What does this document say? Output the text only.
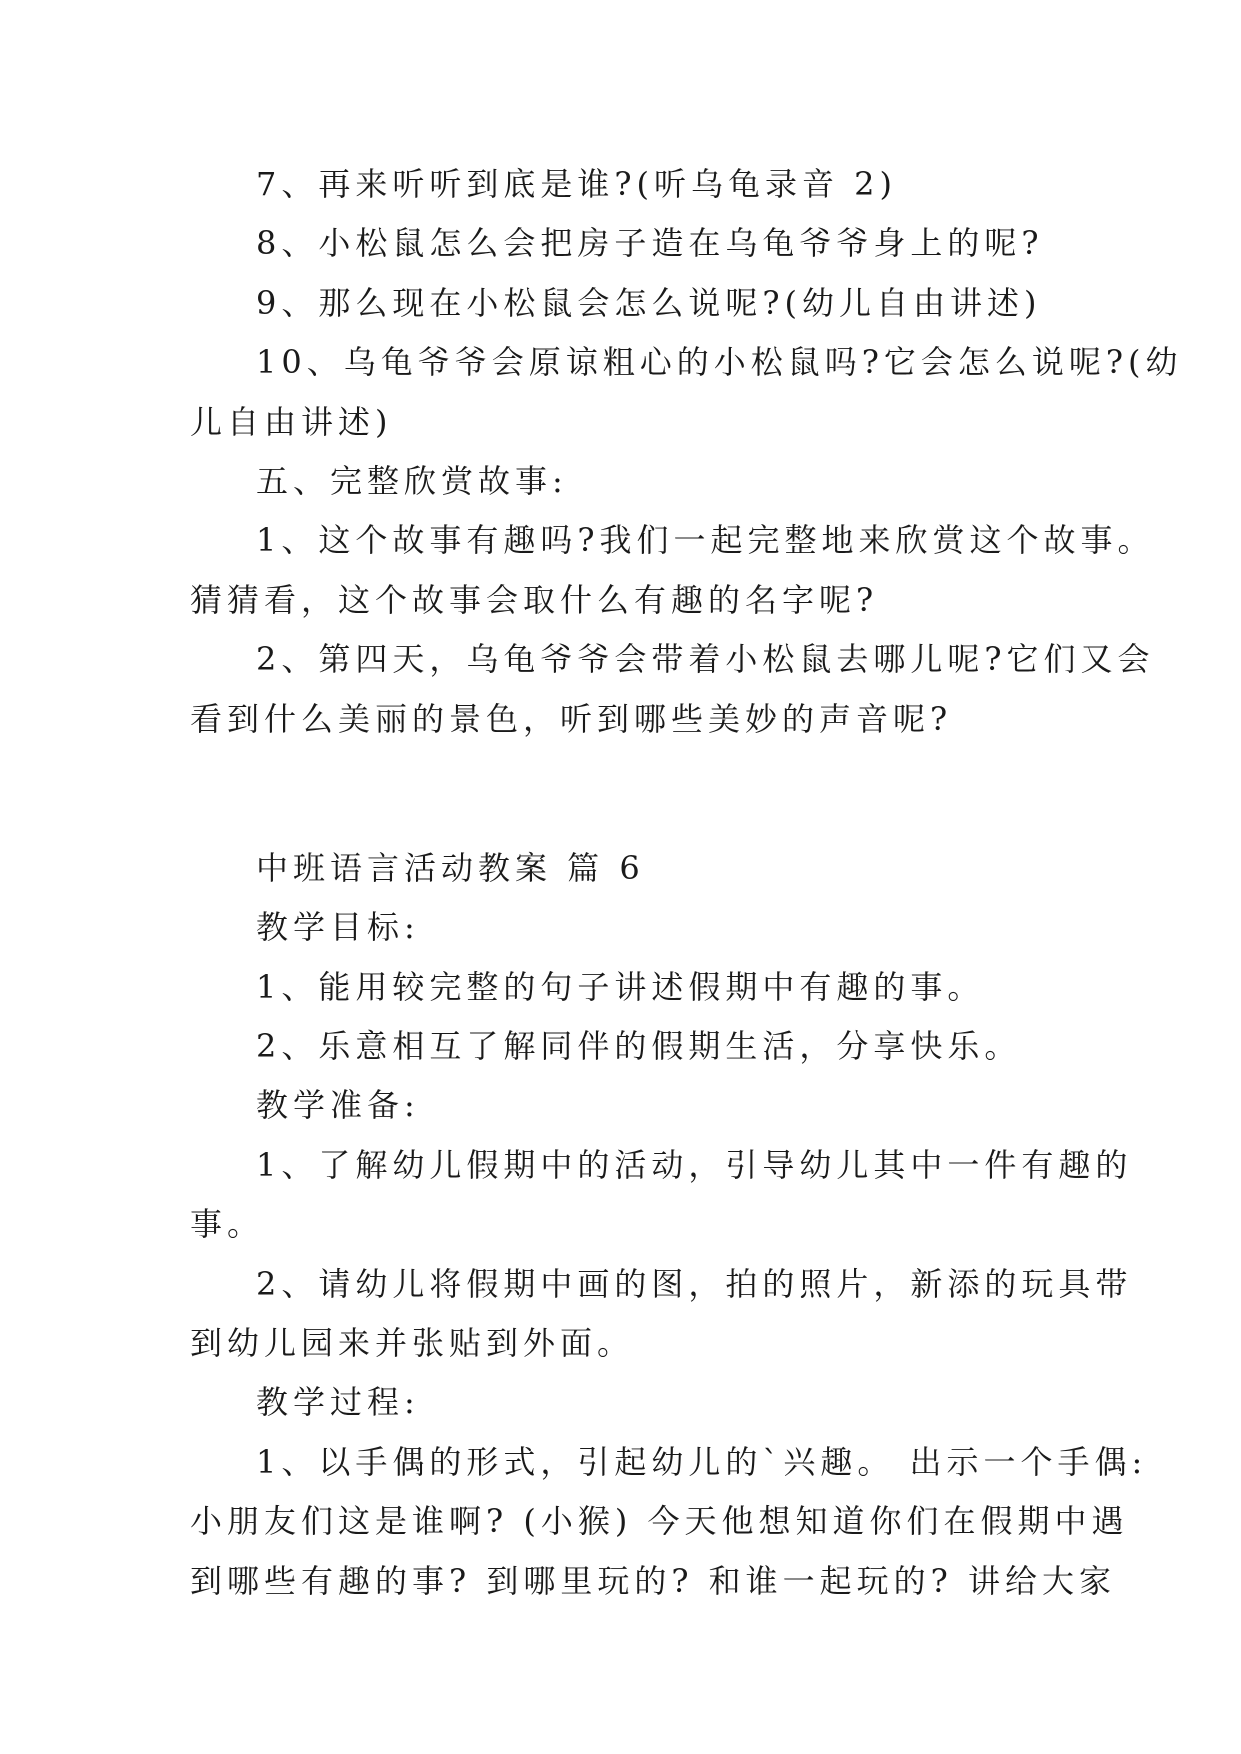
7、再来听听到底是谁?(听乌龟录音 2)
8、小松鼠怎么会把房子造在乌龟爷爷身上的呢?
9、那么现在小松鼠会怎么说呢?(幼儿自由讲述)
10、乌龟爷爷会原谅粗心的小松鼠吗?它会怎么说呢?(幼
儿自由讲述)
五、完整欣赏故事:
1、这个故事有趣吗?我们一起完整地来欣赏这个故事。
猜猜看，这个故事会取什么有趣的名字呢?
2、第四天，乌龟爷爷会带着小松鼠去哪儿呢?它们又会
看到什么美丽的景色，听到哪些美妙的声音呢?
中班语言活动教案 篇 6
教学目标:
1、能用较完整的句子讲述假期中有趣的事。
2、乐意相互了解同伴的假期生活，分享快乐。
教学准备:
1、了解幼儿假期中的活动，引导幼儿其中一件有趣的
事。
2、请幼儿将假期中画的图，拍的照片，新添的玩具带
到幼儿园来并张贴到外面。
教学过程:
1、以手偶的形式，引起幼儿的`兴趣。 出示一个手偶:
小朋友们这是谁啊? (小猴) 今天他想知道你们在假期中遇
到哪些有趣的事? 到哪里玩的? 和谁一起玩的? 讲给大家
